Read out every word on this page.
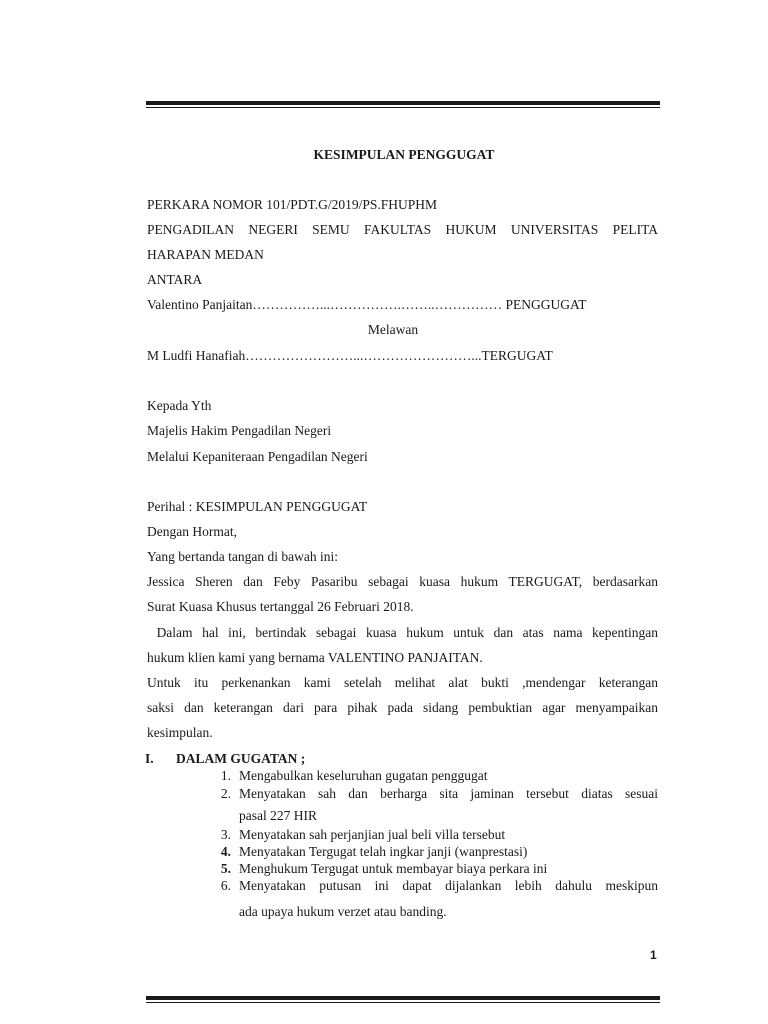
KESIMPULAN PENGGUGAT
PERKARA NOMOR 101/PDT.G/2019/PS.FHUPHM
PENGADILAN NEGERI SEMU FAKULTAS HUKUM UNIVERSITAS PELITA
HARAPAN MEDAN
ANTARA
Valentino Panjaitan……………...…………….……..…………… PENGGUGAT
Melawan
M Ludfi Hanafiah……………………...……………………...TERGUGAT
Kepada Yth
Majelis Hakim Pengadilan Negeri
Melalui Kepaniteraan Pengadilan Negeri
Perihal : KESIMPULAN PENGGUGAT
Dengan Hormat,
Yang bertanda tangan di bawah ini:
Jessica Sheren dan Feby Pasaribu sebagai kuasa hukum TERGUGAT, berdasarkan
Surat Kuasa Khusus tertanggal 26 Februari 2018.
Dalam hal ini, bertindak sebagai kuasa hukum untuk dan atas nama kepentingan
hukum klien kami yang bernama VALENTINO PANJAITAN.
Untuk itu perkenankan kami setelah melihat alat bukti ,mendengar keterangan
saksi dan keterangan dari para pihak pada sidang pembuktian agar menyampaikan
kesimpulan.
I. DALAM GUGATAN ;
1. Mengabulkan keseluruhan gugatan penggugat
2. Menyatakan sah dan berharga sita jaminan tersebut diatas sesuai
pasal 227 HIR
3. Menyatakan sah perjanjian jual beli villa tersebut
4. Menyatakan Tergugat telah ingkar janji (wanprestasi)
5. Menghukum Tergugat untuk membayar biaya perkara ini
6. Menyatakan putusan ini dapat dijalankan lebih dahulu meskipun
ada upaya hukum verzet atau banding.
1
